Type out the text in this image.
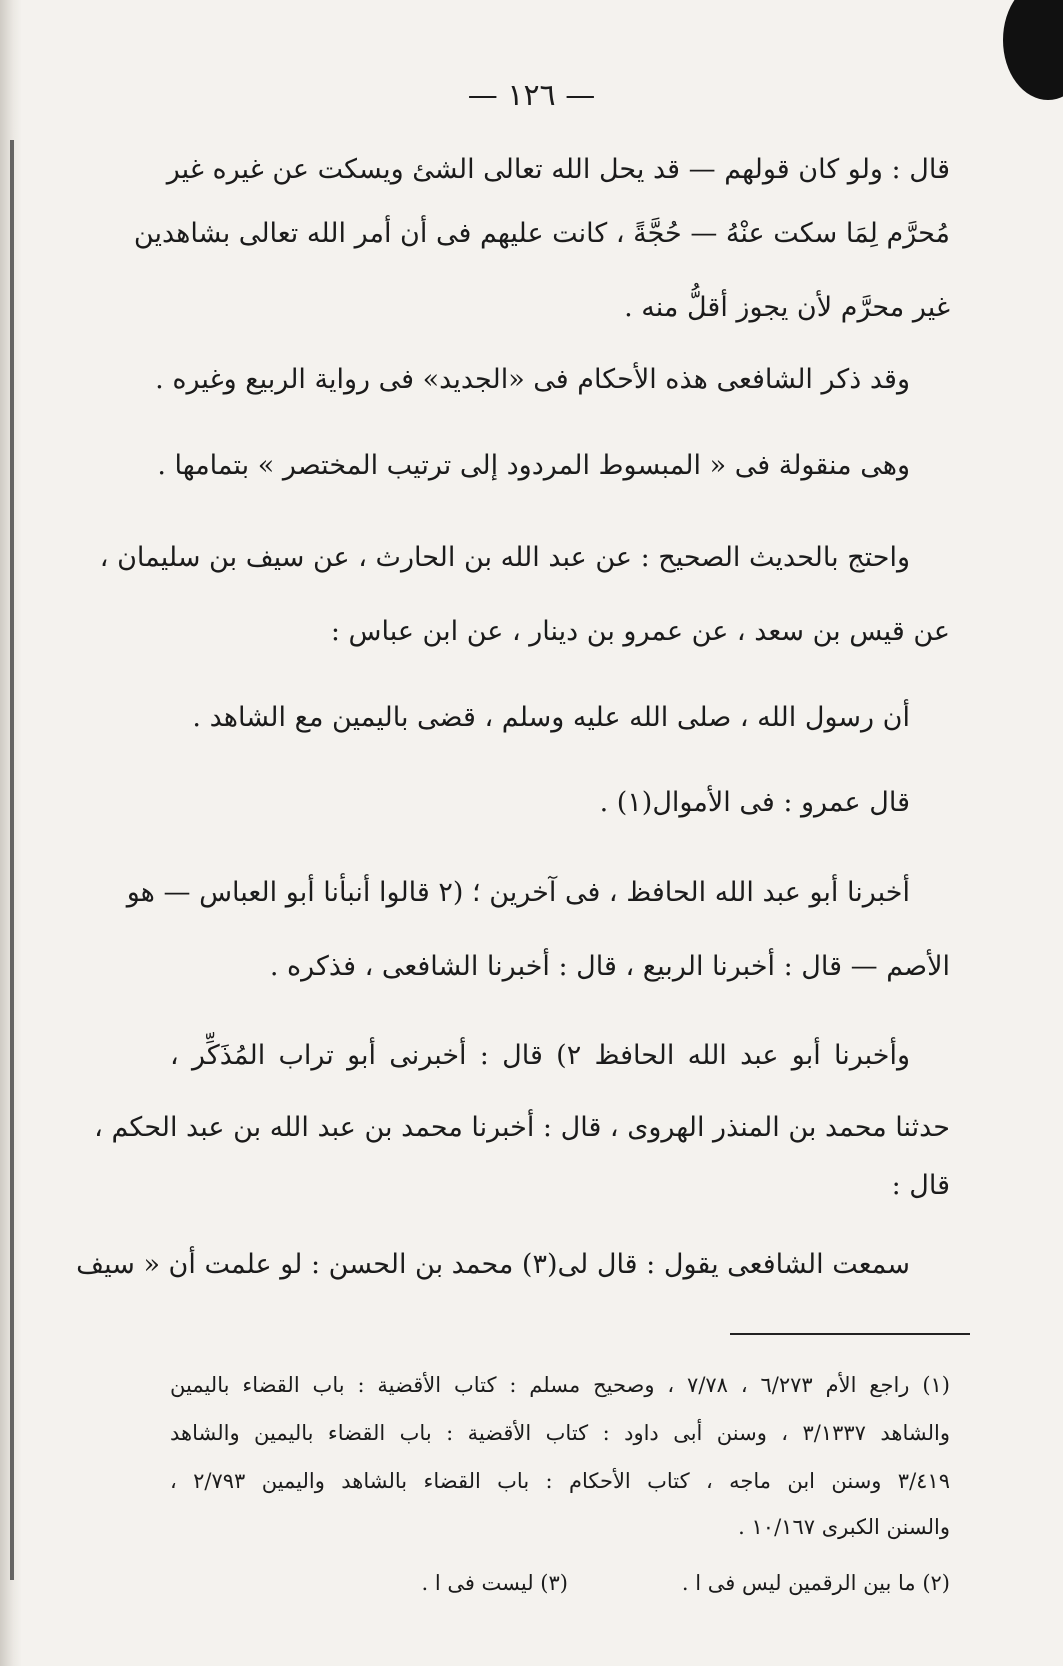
— ١٢٦ —
قال : ولو كان قولهم — قد يحل الله تعالى الشئ ويسكت عن غيره غير
مُحرَّم لِمَا سكت عنْهُ — حُجَّةً ، كانت عليهم فى أن أمر الله تعالى بشاهدين
غير محرَّم لأن يجوز أقلُّ منه .
وقد ذكر الشافعى هذه الأحكام فى «الجديد» فى رواية الربيع وغيره .
وهى منقولة فى « المبسوط المردود إلى ترتيب المختصر » بتمامها .
واحتج بالحديث الصحيح : عن عبد الله بن الحارث ، عن سيف بن سليمان ،
عن قيس بن سعد ، عن عمرو بن دينار ، عن ابن عباس :
أن رسول الله ، صلى الله عليه وسلم ، قضى باليمين مع الشاهد .
قال عمرو : فى الأموال(١) .
أخبرنا أبو عبد الله الحافظ ، فى آخرين ؛ (٢ قالوا أنبأنا أبو العباس — هو
الأصم — قال : أخبرنا الربيع ، قال : أخبرنا الشافعى ، فذكره .
وأخبرنا أبو عبد الله الحافظ ٢) قال : أخبرنى أبو تراب المُذَكِّر ،
حدثنا محمد بن المنذر الهروى ، قال : أخبرنا محمد بن عبد الله بن عبد الحكم ،
قال :
سمعت الشافعى يقول : قال لى(٣) محمد بن الحسن : لو علمت أن « سيف
(١) راجع الأم ٦/٢٧٣ ، ٧/٧٨ ، وصحيح مسلم : كتاب الأقضية : باب القضاء باليمين
والشاهد ٣/١٣٣٧ ، وسنن أبى داود : كتاب الأقضية : باب القضاء باليمين والشاهد
٣/٤١٩ وسنن ابن ماجه ، كتاب الأحكام : باب القضاء بالشاهد واليمين ٢/٧٩٣ ،
والسنن الكبرى ١٠/١٦٧ .
(٢) ما بين الرقمين ليس فى ا .
(٣) ليست فى ا .
